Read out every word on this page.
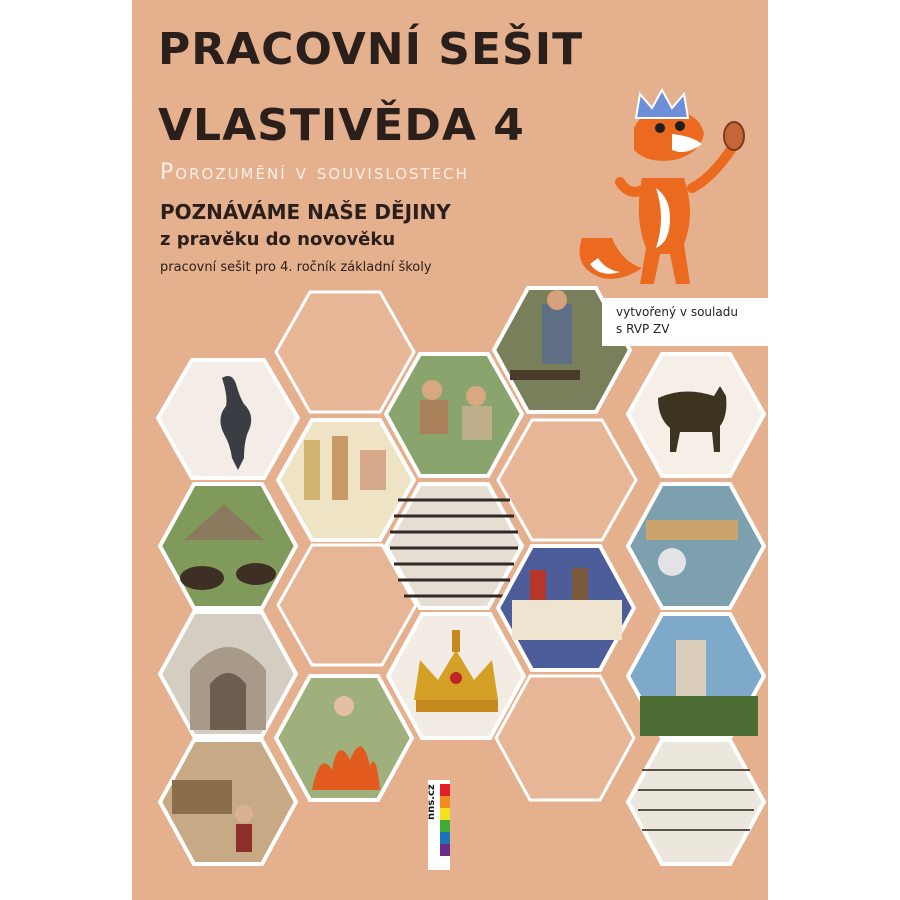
PRACOVNÍ SEŠIT
VLASTIVĚDA 4
Porozumění v souvislostech
POZNÁVÁME NAŠE DĚJINY
z pravěku do novověku
pracovní sešit pro 4. ročník základní školy
vytvořený v souladu
s RVP ZV
nns.cz
